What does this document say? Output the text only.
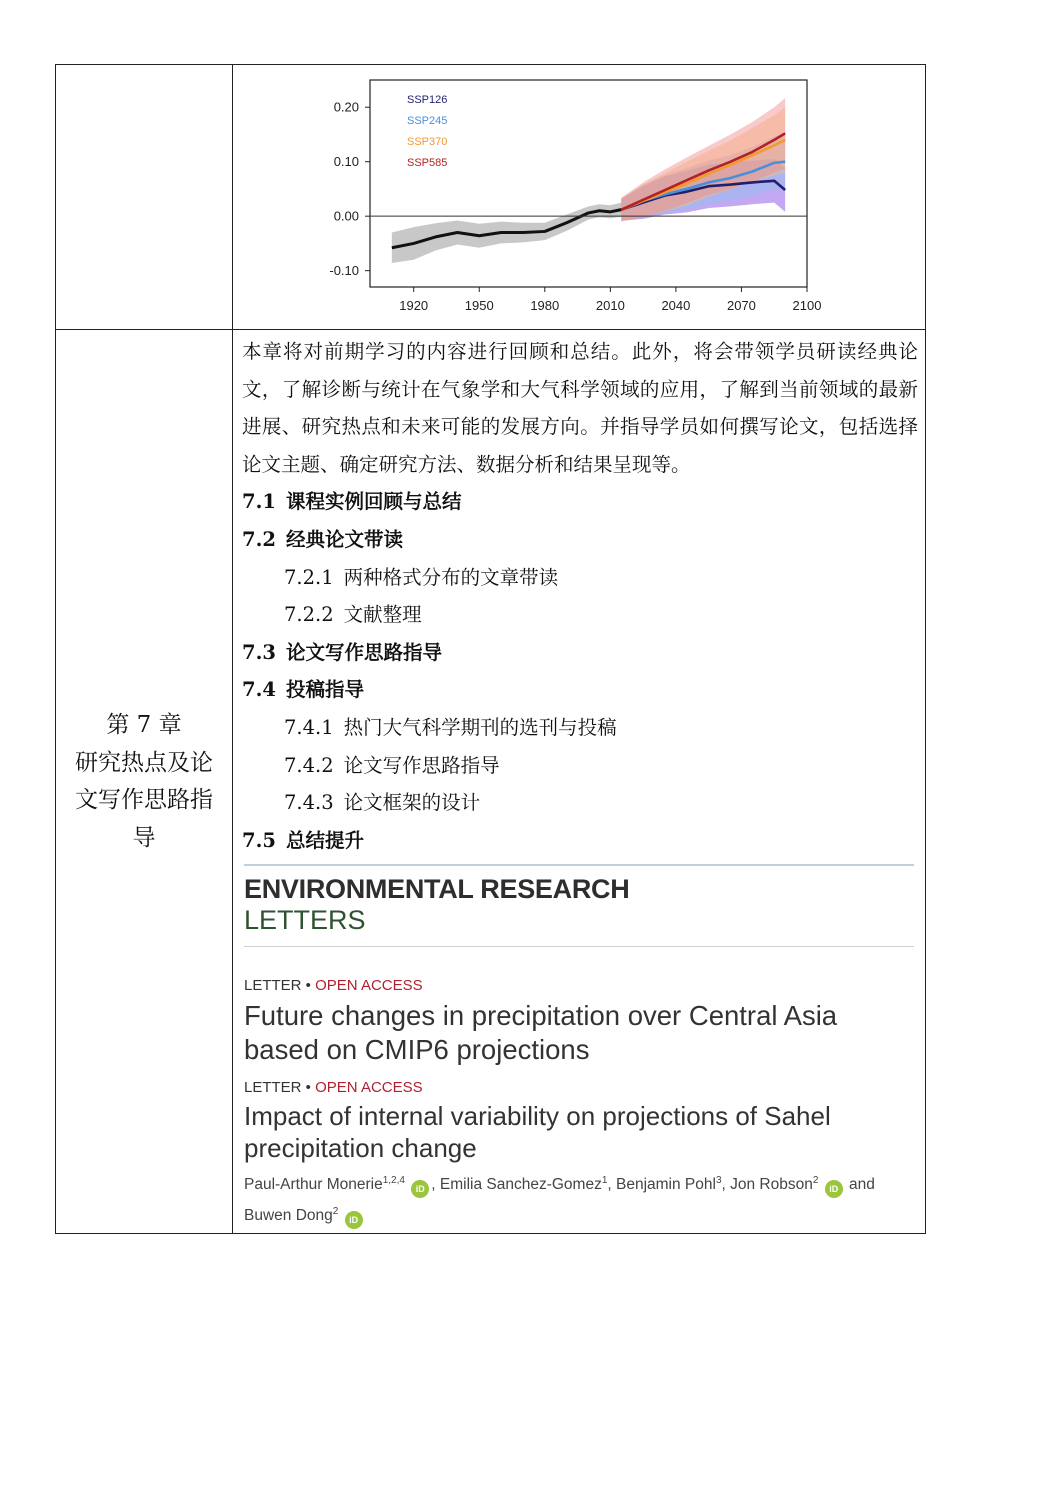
1920	1950	1980	2010	2040	2070	2100
0.20
0.10
0.00
-0.10
SSP126
SSP245
SSP370
SSP585
第 7 章
研究热点及论
文写作思路指
导
本章将对前期学习的内容进行回顾和总结。此外，将会带领学员研读经典论文，了解诊断与统计在气象学和大气科学领域的应用，了解到当前领域的最新进展、研究热点和未来可能的发展方向。并指导学员如何撰写论文，包括选择论文主题、确定研究方法、数据分析和结果呈现等。
7.1 课程实例回顾与总结
7.2 经典论文带读
7.2.1 两种格式分布的文章带读
7.2.2 文献整理
7.3 论文写作思路指导
7.4 投稿指导
7.4.1 热门大气科学期刊的选刊与投稿
7.4.2 论文写作思路指导
7.4.3 论文框架的设计
7.5 总结提升
ENVIRONMENTAL RESEARCH
LETTERS
LETTER • OPEN ACCESS
Future changes in precipitation over Central Asia based on CMIP6 projections
LETTER • OPEN ACCESS
Impact of internal variability on projections of Sahel precipitation change
Paul-Arthur Monerie$^{1,2,4}$ iD , Emilia Sanchez-Gomez$^1$, Benjamin Pohl$^3$, Jon Robson$^2$ iD and
Buwen Dong$^2$ iD
